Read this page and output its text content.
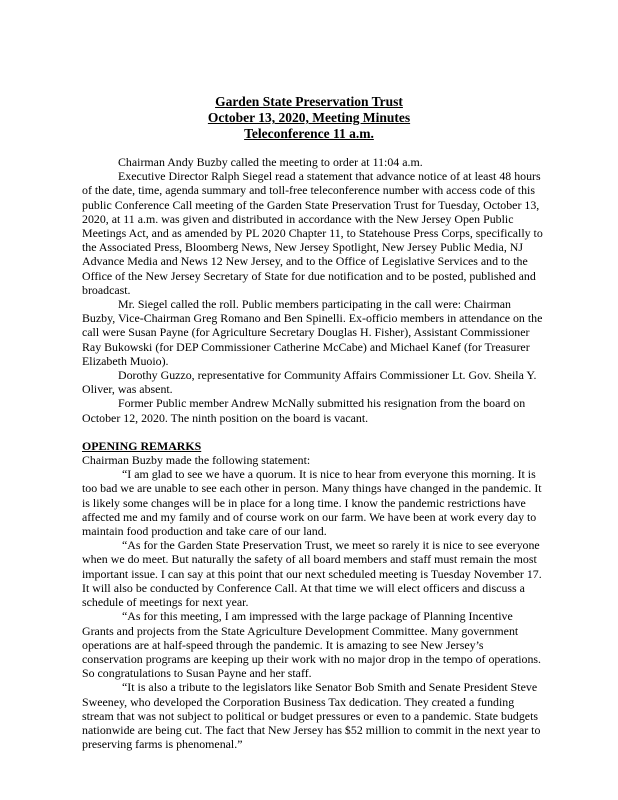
Garden State Preservation Trust
October 13, 2020, Meeting Minutes
Teleconference 11 a.m.

Chairman Andy Buzby called the meeting to order at 11:04 a.m.

Executive Director Ralph Siegel read a statement that advance notice of at least 48 hours of the date, time, agenda summary and toll-free teleconference number with access code of this public Conference Call meeting of the Garden State Preservation Trust for Tuesday, October 13, 2020, at 11 a.m. was given and distributed in accordance with the New Jersey Open Public Meetings Act, and as amended by PL 2020 Chapter 11, to Statehouse Press Corps, specifically to the Associated Press, Bloomberg News, New Jersey Spotlight, New Jersey Public Media, NJ Advance Media and News 12 New Jersey, and to the Office of Legislative Services and to the Office of the New Jersey Secretary of State for due notification and to be posted, published and broadcast.

Mr. Siegel called the roll. Public members participating in the call were: Chairman Buzby, Vice-Chairman Greg Romano and Ben Spinelli. Ex-officio members in attendance on the call were Susan Payne (for Agriculture Secretary Douglas H. Fisher), Assistant Commissioner Ray Bukowski (for DEP Commissioner Catherine McCabe) and Michael Kanef (for Treasurer Elizabeth Muoio).

Dorothy Guzzo, representative for Community Affairs Commissioner Lt. Gov. Sheila Y. Oliver, was absent.

Former Public member Andrew McNally submitted his resignation from the board on October 12, 2020. The ninth position on the board is vacant.

OPENING REMARKS

Chairman Buzby made the following statement:

“I am glad to see we have a quorum. It is nice to hear from everyone this morning. It is too bad we are unable to see each other in person. Many things have changed in the pandemic. It is likely some changes will be in place for a long time. I know the pandemic restrictions have affected me and my family and of course work on our farm. We have been at work every day to maintain food production and take care of our land.

“As for the Garden State Preservation Trust, we meet so rarely it is nice to see everyone when we do meet. But naturally the safety of all board members and staff must remain the most important issue. I can say at this point that our next scheduled meeting is Tuesday November 17. It will also be conducted by Conference Call. At that time we will elect officers and discuss a schedule of meetings for next year.

“As for this meeting, I am impressed with the large package of Planning Incentive Grants and projects from the State Agriculture Development Committee. Many government operations are at half-speed through the pandemic. It is amazing to see New Jersey’s conservation programs are keeping up their work with no major drop in the tempo of operations. So congratulations to Susan Payne and her staff.

“It is also a tribute to the legislators like Senator Bob Smith and Senate President Steve Sweeney, who developed the Corporation Business Tax dedication. They created a funding stream that was not subject to political or budget pressures or even to a pandemic. State budgets nationwide are being cut. The fact that New Jersey has $52 million to commit in the next year to preserving farms is phenomenal.”
